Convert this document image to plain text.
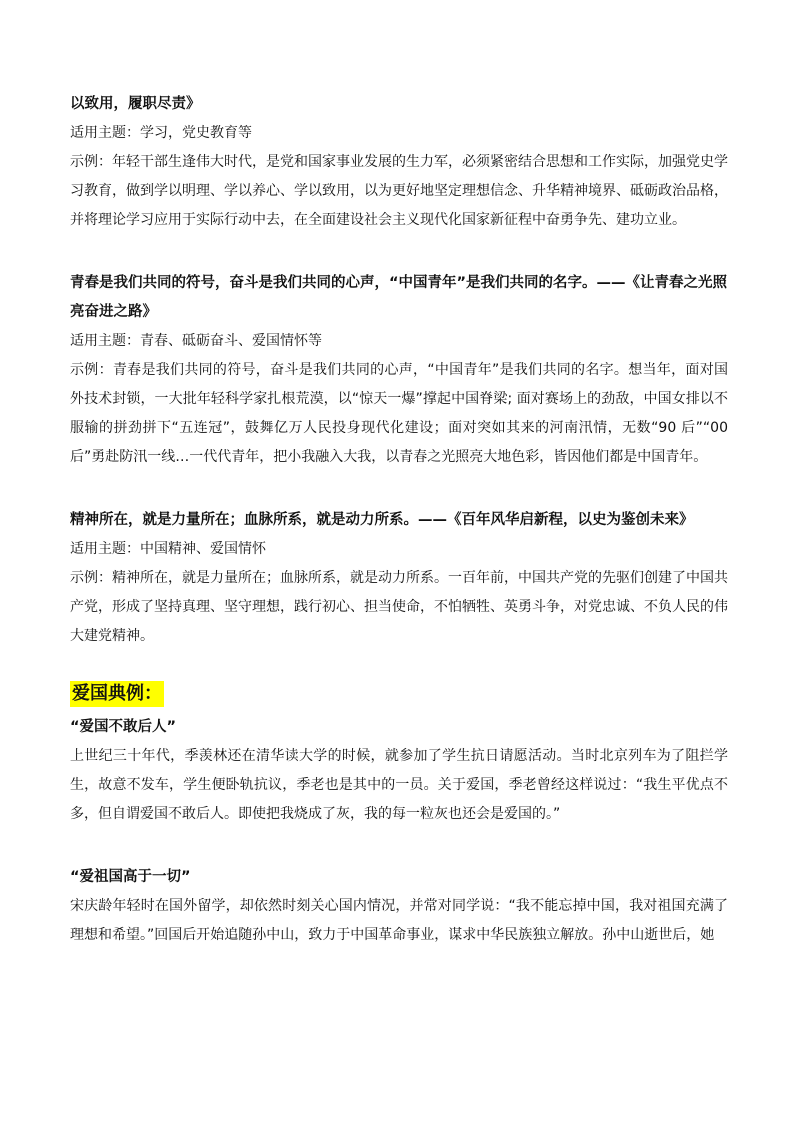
以致用，履职尽责》

适用主题：学习，党史教育等

示例：年轻干部生逢伟大时代，是党和国家事业发展的生力军，必须紧密结合思想和工作实际，加强党史学习教育，做到学以明理、学以养心、学以致用，以为更好地坚定理想信念、升华精神境界、砥砺政治品格，并将理论学习应用于实际行动中去，在全面建设社会主义现代化国家新征程中奋勇争先、建功立业。

青春是我们共同的符号，奋斗是我们共同的心声，“中国青年”是我们共同的名字。——《让青春之光照亮奋进之路》

适用主题：青春、砥砺奋斗、爱国情怀等

示例：青春是我们共同的符号，奋斗是我们共同的心声，“中国青年”是我们共同的名字。想当年，面对国外技术封锁，一大批年轻科学家扎根荒漠，以“惊天一爆”撑起中国脊梁; 面对赛场上的劲敌，中国女排以不服输的拼劲拼下“五连冠”，鼓舞亿万人民投身现代化建设；面对突如其来的河南汛情，无数“90 后”“00 后”勇赴防汛一线…一代代青年，把小我融入大我，以青春之光照亮大地色彩，皆因他们都是中国青年。

精神所在，就是力量所在；血脉所系，就是动力所系。——《百年风华启新程，以史为鉴创未来》

适用主题：中国精神、爱国情怀

示例：精神所在，就是力量所在；血脉所系，就是动力所系。一百年前，中国共产党的先驱们创建了中国共产党，形成了坚持真理、坚守理想，践行初心、担当使命，不怕牺牲、英勇斗争，对党忠诚、不负人民的伟大建党精神。

爱国典例：

“爱国不敢后人”

上世纪三十年代，季羡林还在清华读大学的时候，就参加了学生抗日请愿活动。当时北京列车为了阻拦学生，故意不发车，学生便卧轨抗议，季老也是其中的一员。关于爱国，季老曾经这样说过：“我生平优点不多，但自谓爱国不敢后人。即使把我烧成了灰，我的每一粒灰也还会是爱国的。”

“爱祖国高于一切”

宋庆龄年轻时在国外留学，却依然时刻关心国内情况，并常对同学说：“我不能忘掉中国，我对祖国充满了理想和希望。”回国后开始追随孙中山，致力于中国革命事业，谋求中华民族独立解放。孙中山逝世后，她
